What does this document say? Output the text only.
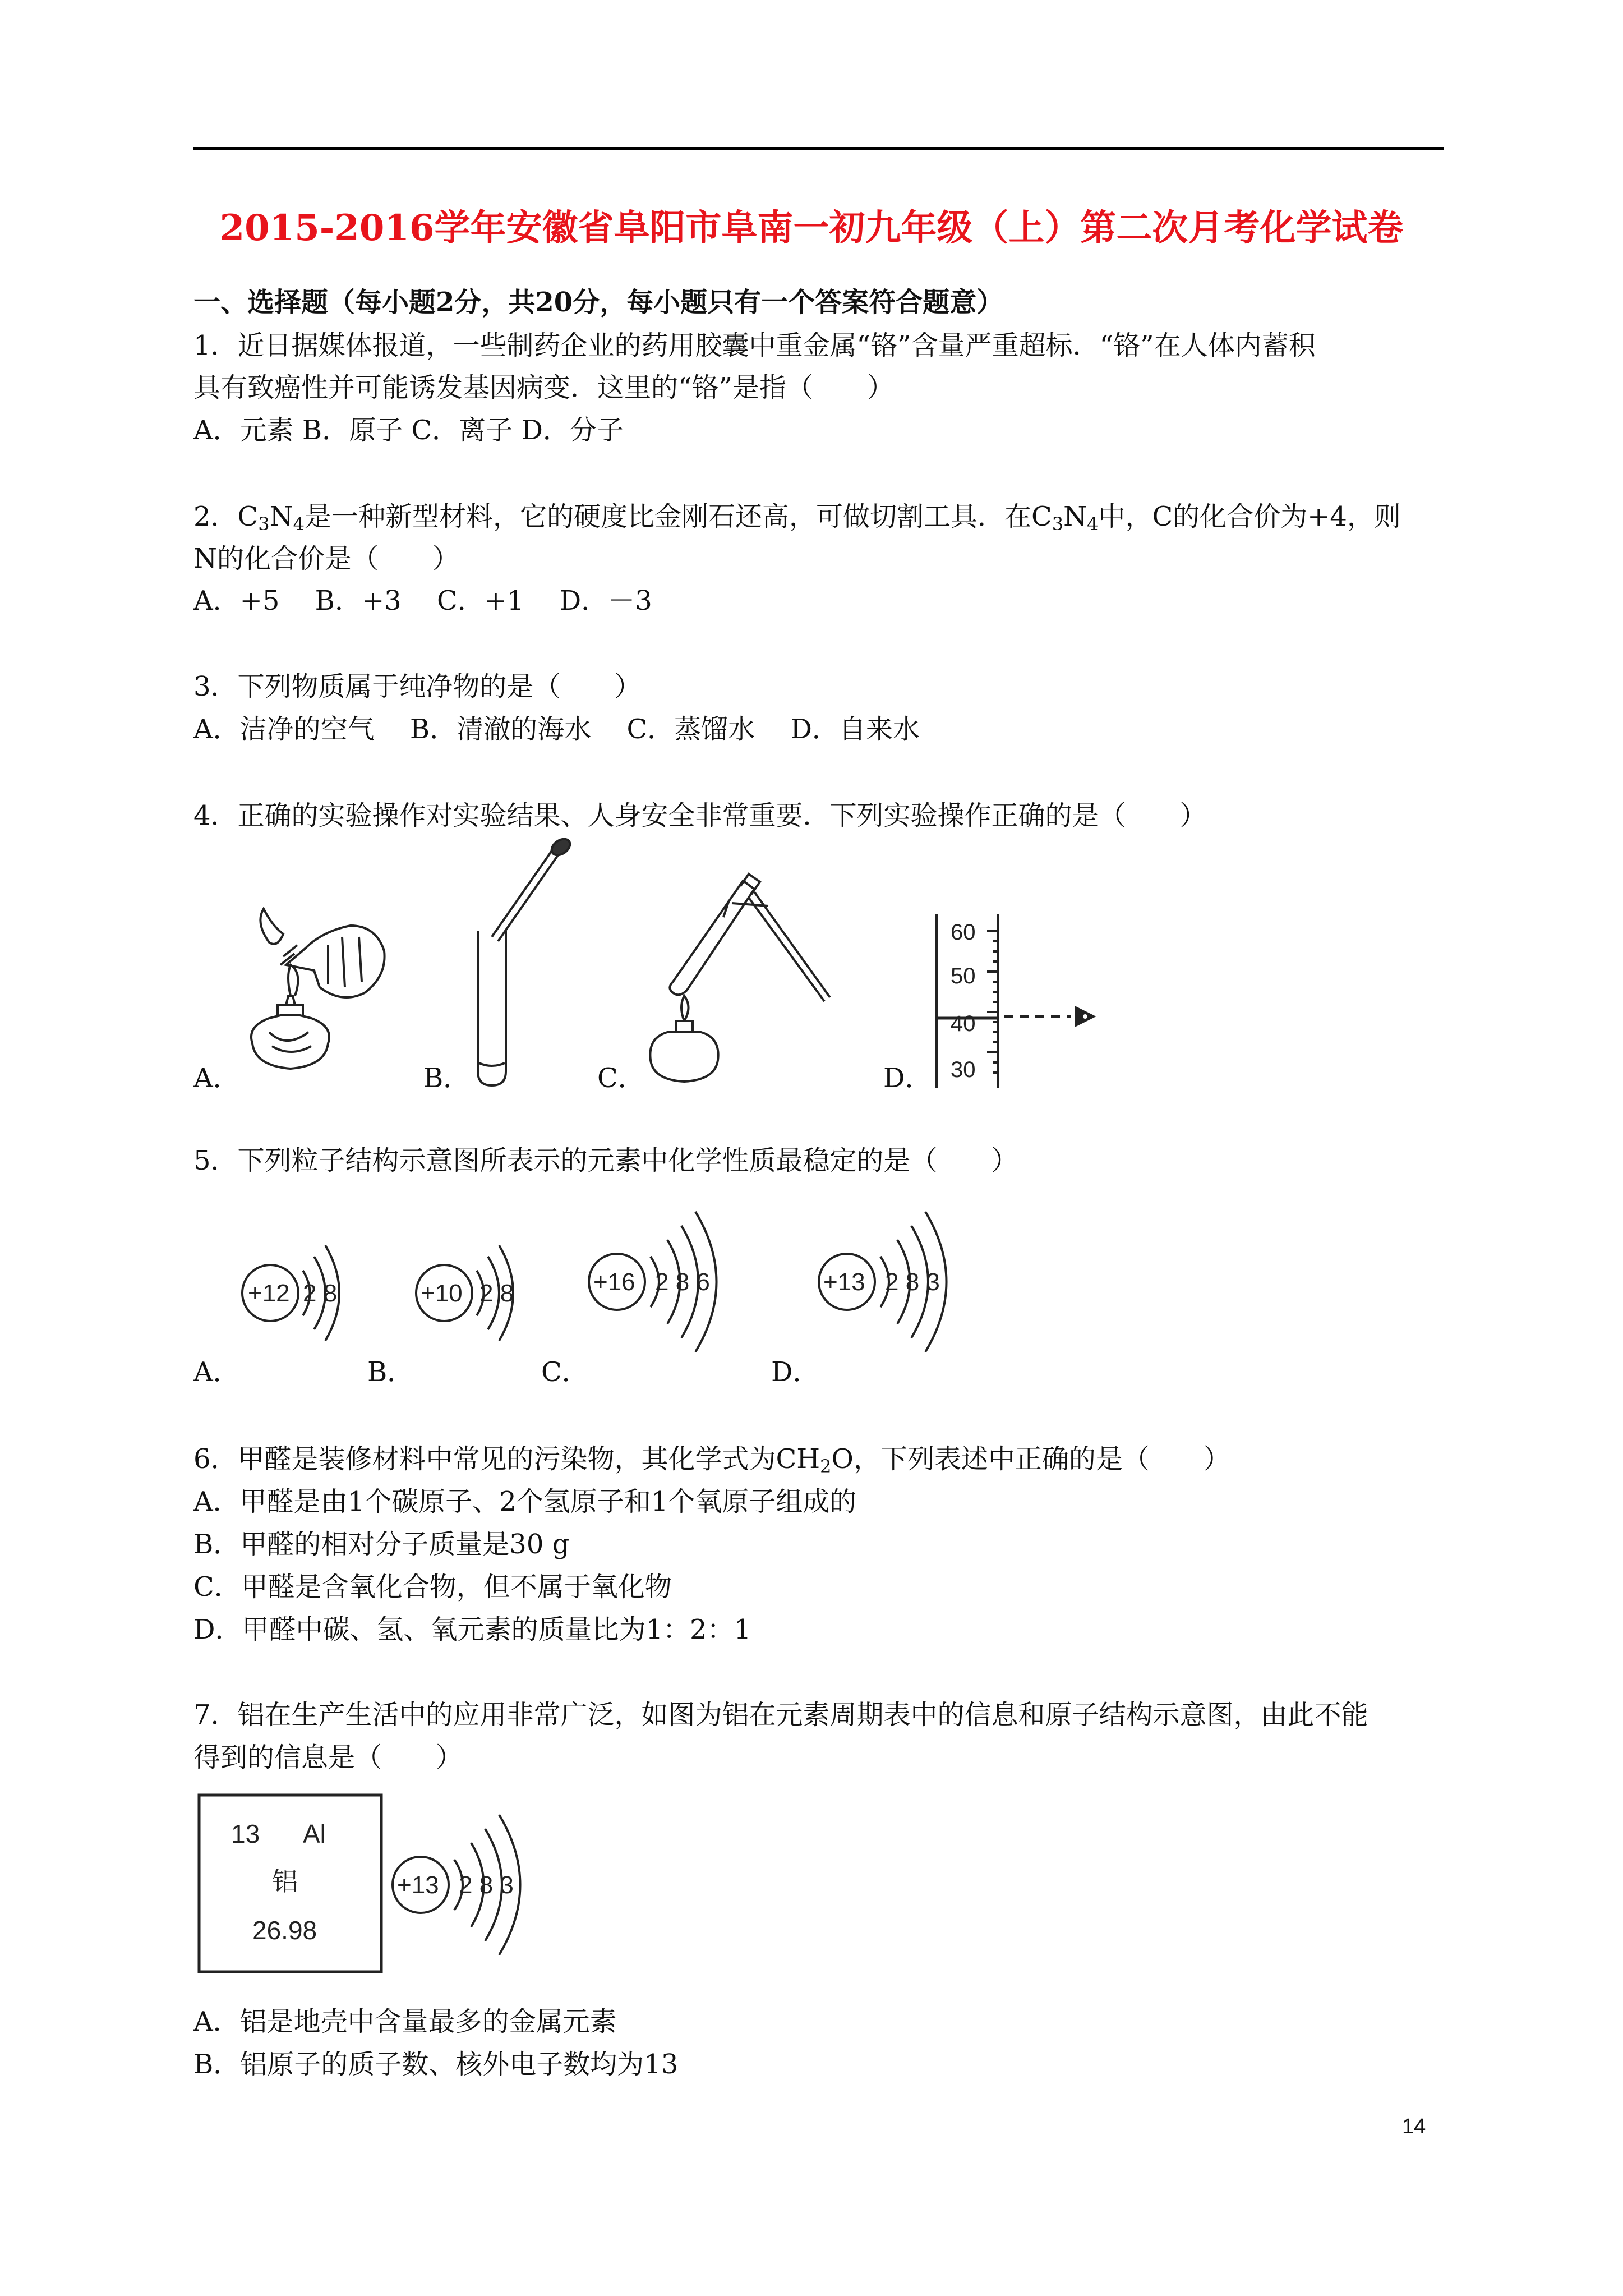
2015-2016学年安徽省阜阳市阜南一初九年级（上）第二次月考化学试卷
一、选择题（每小题2分，共20分，每小题只有一个答案符合题意）
1．近日据媒体报道，一些制药企业的药用胶囊中重金属“铬”含量严重超标．“铬”在人体内蓄积
具有致癌性并可能诱发基因病变．这里的“铬”是指（　　）
A．元素 B．原子 C．离子 D．分子
2．$C_3N_4$是一种新型材料，它的硬度比金刚石还高，可做切割工具．在$C_3N_4$中，C的化合价为+4，则
N的化合价是（　　）
A．+5　 B．+3　 C．+1　 D．－3
3．下列物质属于纯净物的是（　　）
A．洁净的空气　 B．清澈的海水　 C．蒸馏水　 D．自来水
4．正确的实验操作对实验结果、人身安全非常重要．下列实验操作正确的是（　　）
A．	B．	C．	D．
60
50
40
30
5．下列粒子结构示意图所表示的元素中化学性质最稳定的是（　　）
A．	B．	C．	D．
+12 2 8	+10 2 8	+16 2 8 6	+13 2 8 3
6．甲醛是装修材料中常见的污染物，其化学式为$CH_2O$，下列表述中正确的是（　　）
A．甲醛是由1个碳原子、2个氢原子和1个氧原子组成的
B．甲醛的相对分子质量是30 g
C．甲醛是含氧化合物，但不属于氧化物
D．甲醛中碳、氢、氧元素的质量比为1：2：1
7．铝在生产生活中的应用非常广泛，如图为铝在元素周期表中的信息和原子结构示意图，由此不能
得到的信息是（　　）
13 Al
铝
26.98
+13 2 8 3
A．铝是地壳中含量最多的金属元素
B．铝原子的质子数、核外电子数均为13
14
